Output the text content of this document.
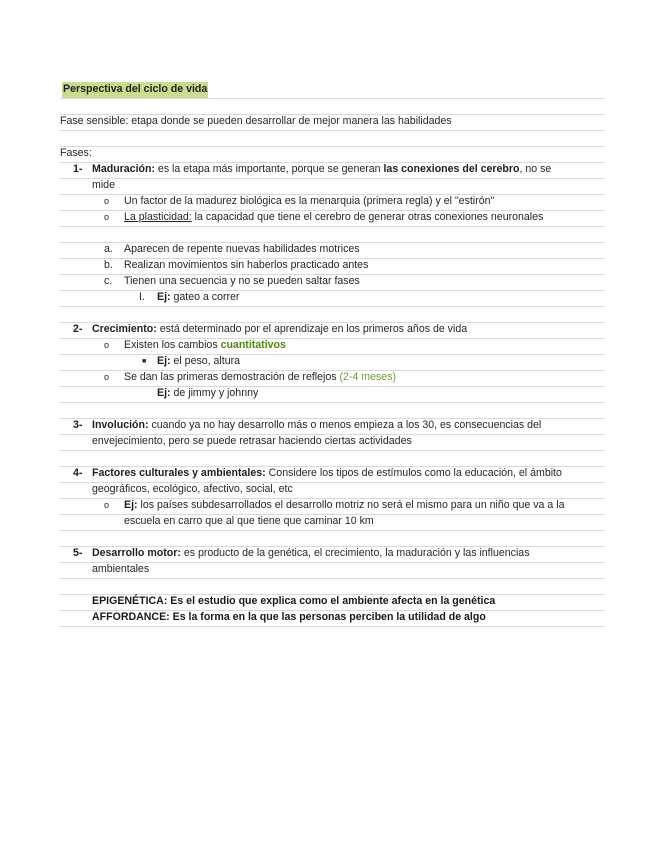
Perspectiva del ciclo de vida
Fase sensible: etapa donde se pueden desarrollar de mejor manera las habilidades
Fases:
1- Maduración: es la etapa más importante, porque se generan las conexiones del cerebro, no se
mide
o Un factor de la madurez biológica es la menarquia (primera regla) y el "estirón"
o La plasticidad: la capacidad que tiene el cerebro de generar otras conexiones neuronales
a. Aparecen de repente nuevas habilidades motrices
b. Realizan movimientos sin haberlos practicado antes
c. Tienen una secuencia y no se pueden saltar fases
I. Ej: gateo a correr
2- Crecimiento: está determinado por el aprendizaje en los primeros años de vida
o Existen los cambios cuantitativos
■ Ej: el peso, altura
o Se dan las primeras demostración de reflejos (2-4 meses)
Ej: de jimmy y johnny
3- Involución: cuando ya no hay desarrollo más o menos empieza a los 30, es consecuencias del
envejecimiento, pero se puede retrasar haciendo ciertas actividades
4- Factores culturales y ambientales: Considere los tipos de estímulos como la educación, el ámbito
geográficos, ecológico, afectivo, social, etc
o Ej: los países subdesarrollados el desarrollo motriz no será el mismo para un niño que va a la
escuela en carro que al que tiene que caminar 10 km
5- Desarrollo motor: es producto de la genética, el crecimiento, la maduración y las influencias
ambientales
EPIGENÉTICA: Es el estudio que explica como el ambiente afecta en la genética
AFFORDANCE: Es la forma en la que las personas perciben la utilidad de algo
